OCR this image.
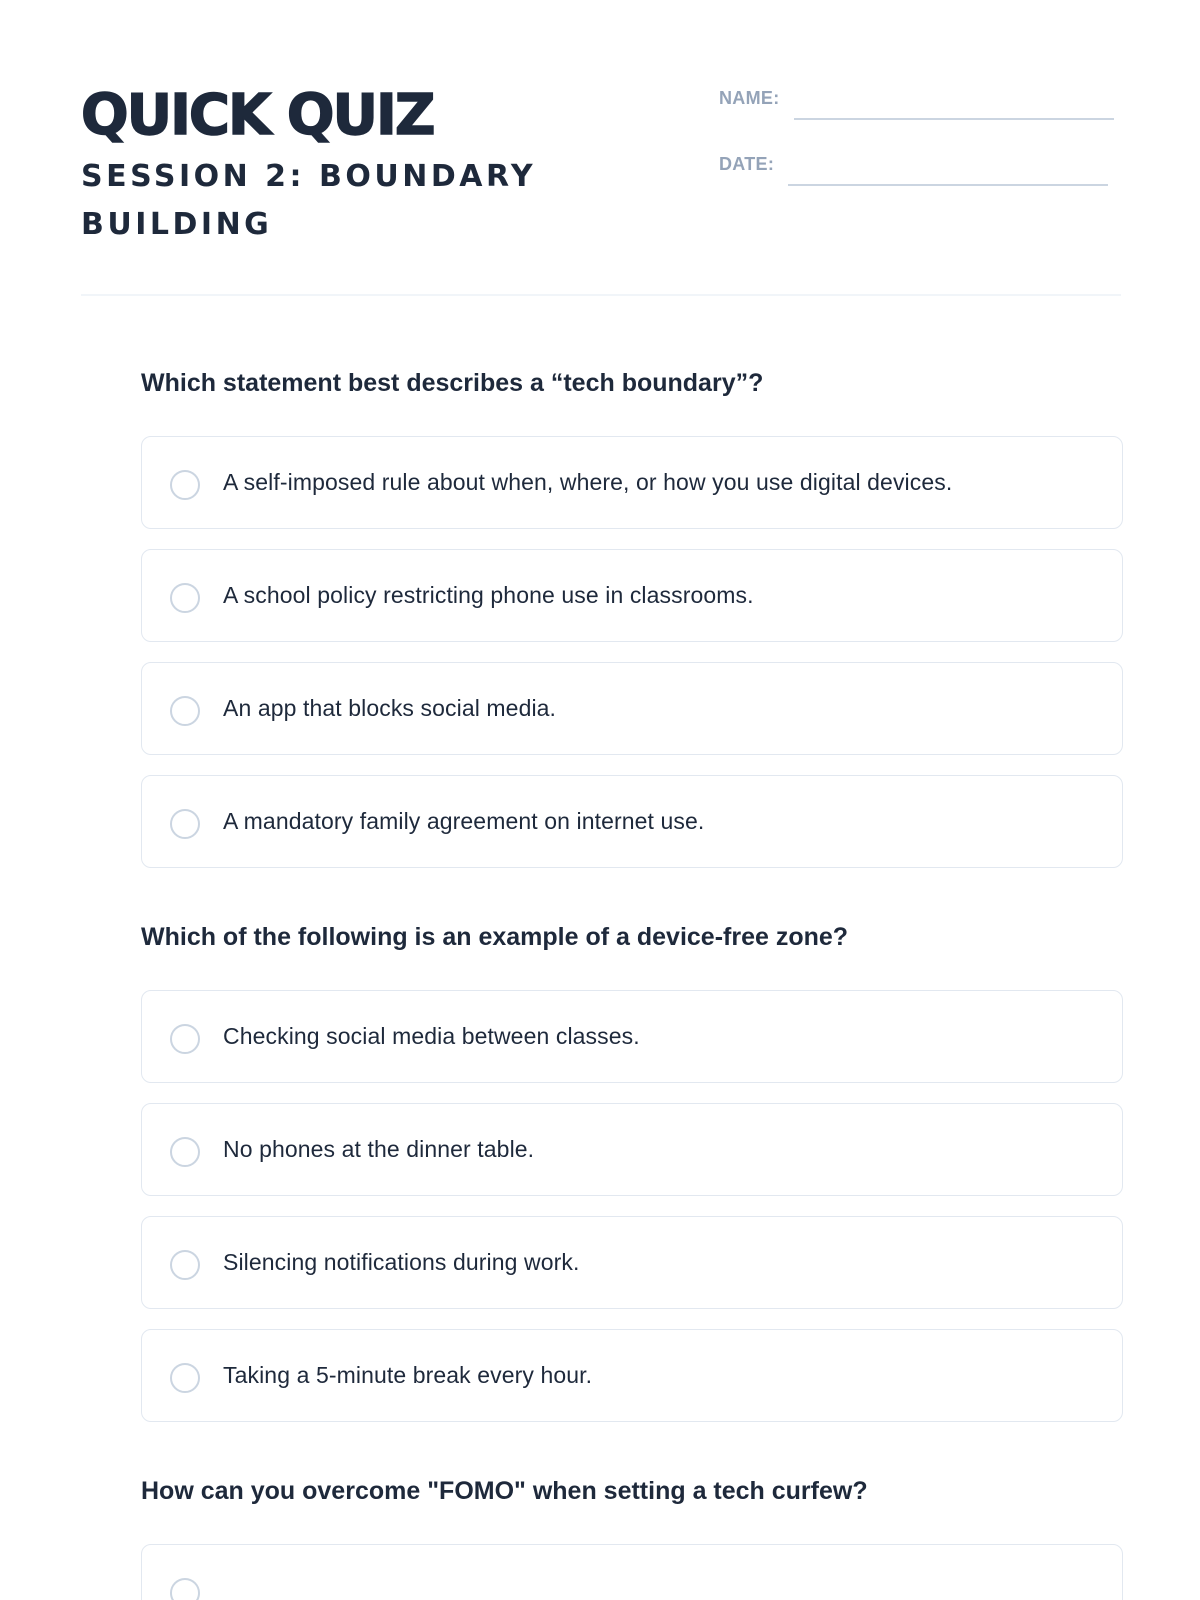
QUICK QUIZ
SESSION 2: BOUNDARY BUILDING
NAME:
DATE:
Which statement best describes a “tech boundary”?
A self-imposed rule about when, where, or how you use digital devices.
A school policy restricting phone use in classrooms.
An app that blocks social media.
A mandatory family agreement on internet use.
Which of the following is an example of a device-free zone?
Checking social media between classes.
No phones at the dinner table.
Silencing notifications during work.
Taking a 5-minute break every hour.
How can you overcome "FOMO" when setting a tech curfew?
